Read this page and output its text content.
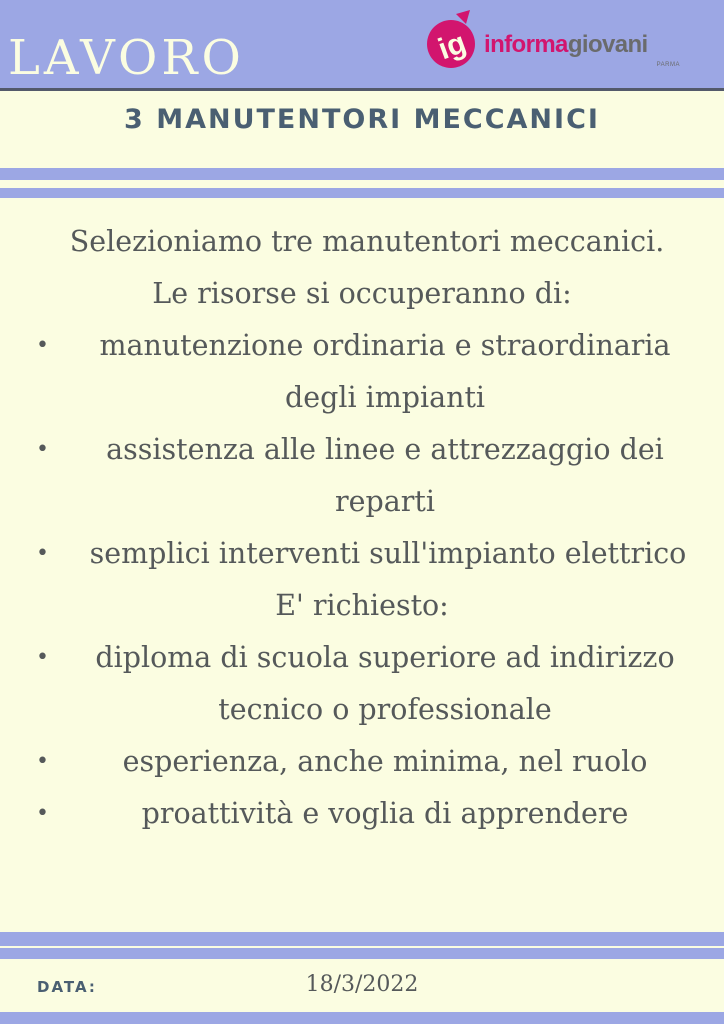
LAVORO	ig informagiovani
PARMA
3 MANUTENTORI MECCANICI
Selezioniamo tre manutentori meccanici.
Le risorse si occuperanno di:
•	manutenzione ordinaria e straordinaria
degli impianti
•	assistenza alle linee e attrezzaggio dei
reparti
•	semplici interventi sull'impianto elettrico
E' richiesto:
•	diploma di scuola superiore ad indirizzo
tecnico o professionale
•	esperienza, anche minima, nel ruolo
•	proattività e voglia di apprendere
DATA:	18/3/2022
